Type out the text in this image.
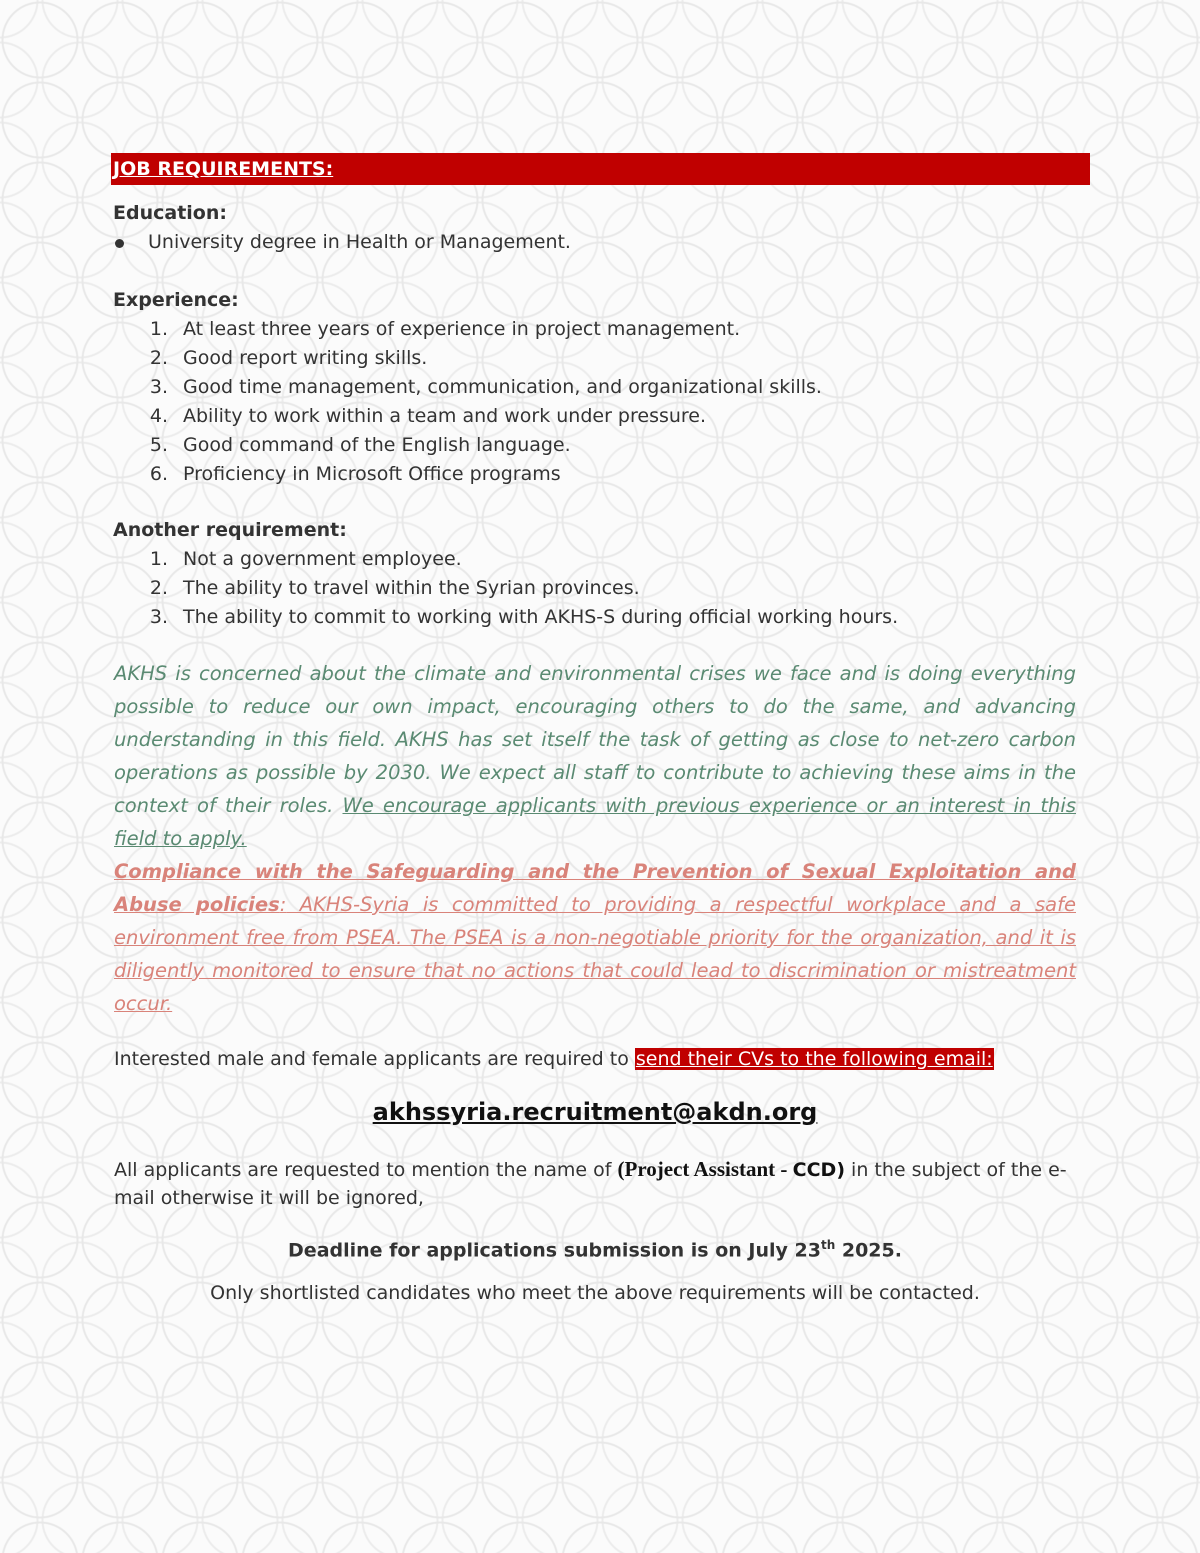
JOB REQUIREMENTS:
Education:
University degree in Health or Management.
Experience:
1. At least three years of experience in project management.
2. Good report writing skills.
3. Good time management, communication, and organizational skills.
4. Ability to work within a team and work under pressure.
5. Good command of the English language.
6. Proficiency in Microsoft Office programs
Another requirement:
1. Not a government employee.
2. The ability to travel within the Syrian provinces.
3. The ability to commit to working with AKHS-S during official working hours.
AKHS is concerned about the climate and environmental crises we face and is doing everything possible to reduce our own impact, encouraging others to do the same, and advancing understanding in this field. AKHS has set itself the task of getting as close to net-zero carbon operations as possible by 2030. We expect all staff to contribute to achieving these aims in the context of their roles. We encourage applicants with previous experience or an interest in this field to apply.
Compliance with the Safeguarding and the Prevention of Sexual Exploitation and Abuse policies: AKHS-Syria is committed to providing a respectful workplace and a safe environment free from PSEA. The PSEA is a non-negotiable priority for the organization, and it is diligently monitored to ensure that no actions that could lead to discrimination or mistreatment occur.
Interested male and female applicants are required to send their CVs to the following email:
akhssyria.recruitment@akdn.org
All applicants are requested to mention the name of (Project Assistant - CCD) in the subject of the e-
mail otherwise it will be ignored,
Deadline for applications submission is on July 23th 2025.
Only shortlisted candidates who meet the above requirements will be contacted.
